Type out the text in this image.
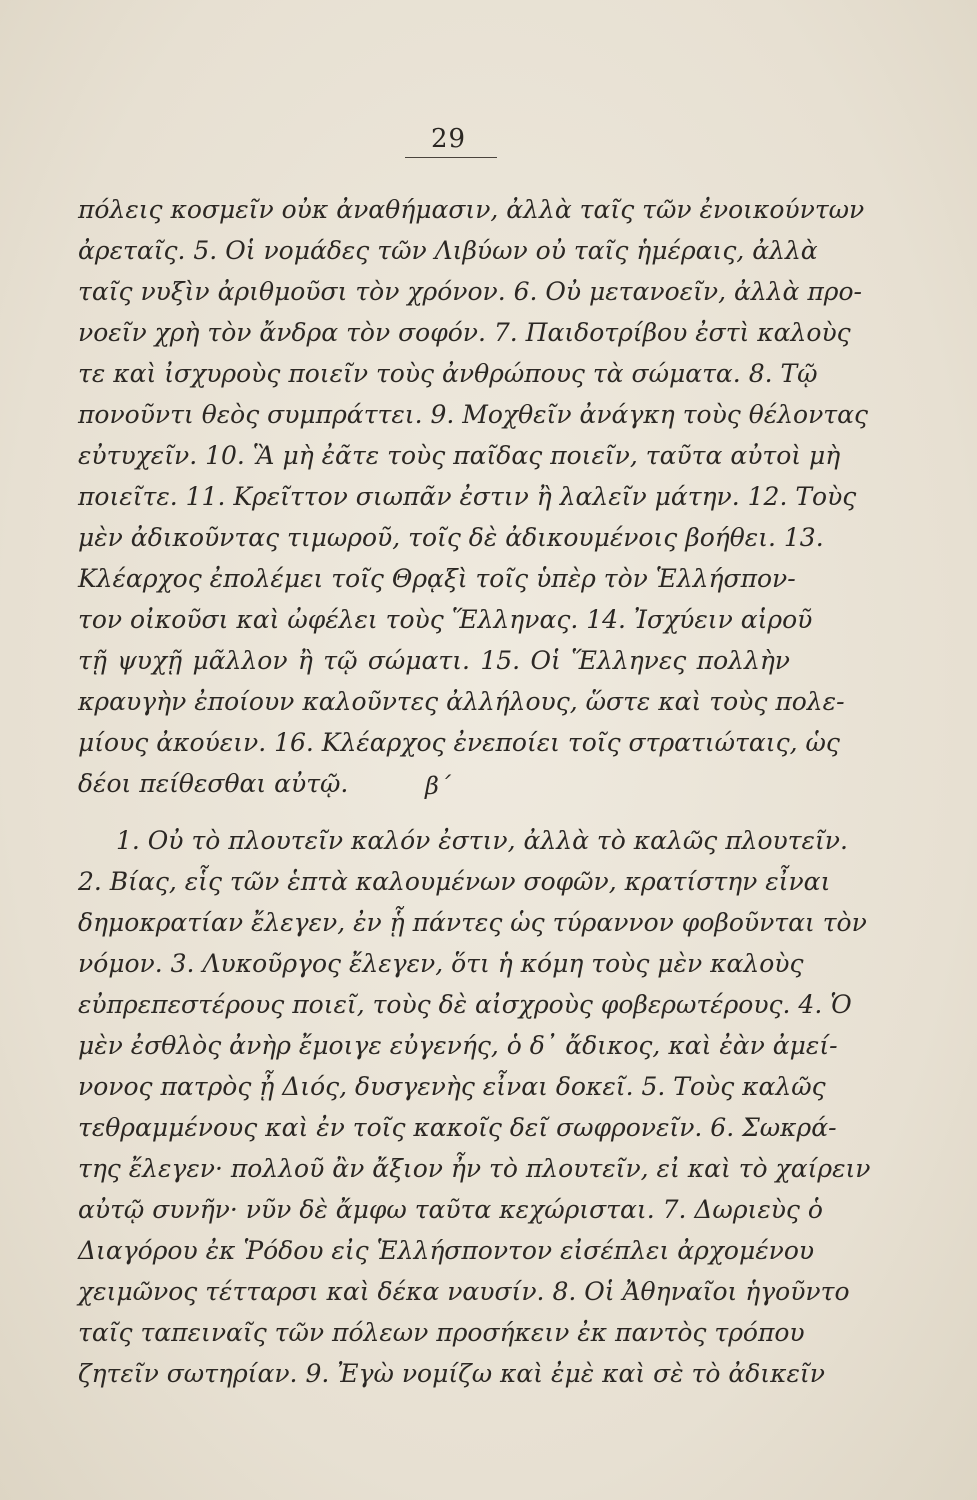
29
πόλεις κοσμεῖν οὐκ ἀναθήμασιν, ἀλλὰ ταῖς τῶν ἐνοικούντων
ἀρεταῖς. 5. Οἱ νομάδες τῶν Λιβύων οὐ ταῖς ἡμέραις, ἀλλὰ
ταῖς νυξὶν ἀριθμοῦσι τὸν χρόνον. 6. Οὐ μετανοεῖν, ἀλλὰ προ-
νοεῖν χρὴ τὸν ἄνδρα τὸν σοφόν. 7. Παιδοτρίβου ἐστὶ καλοὺς
τε καὶ ἰσχυροὺς ποιεῖν τοὺς ἀνθρώπους τὰ σώματα. 8. Τῷ
πονοῦντι θεὸς συμπράττει. 9. Μοχθεῖν ἀνάγκη τοὺς θέλοντας
εὐτυχεῖν. 10. Ἃ μὴ ἐᾶτε τοὺς παῖδας ποιεῖν, ταῦτα αὐτοὶ μὴ
ποιεῖτε. 11. Κρεῖττον σιωπᾶν ἐστιν ἢ λαλεῖν μάτην. 12. Τοὺς
μὲν ἀδικοῦντας τιμωροῦ, τοῖς δὲ ἀδικουμένοις βοήθει. 13.
Κλέαρχος ἐπολέμει τοῖς Θρᾳξὶ τοῖς ὑπὲρ τὸν Ἑλλήσπον-
τον οἰκοῦσι καὶ ὠφέλει τοὺς Ἕλληνας. 14. Ἰσχύειν αἱροῦ
τῇ ψυχῇ μᾶλλον ἢ τῷ σώματι. 15. Οἱ Ἕλληνες πολλὴν
κραυγὴν ἐποίουν καλοῦντες ἀλλήλους, ὥστε καὶ τοὺς πολε-
μίους ἀκούειν. 16. Κλέαρχος ἐνεποίει τοῖς στρατιώταις, ὡς
δέοι πείθεσθαι αὐτῷ.	β΄
1. Οὐ τὸ πλουτεῖν καλόν ἐστιν, ἀλλὰ τὸ καλῶς πλουτεῖν.
2. Βίας, εἷς τῶν ἑπτὰ καλουμένων σοφῶν, κρατίστην εἶναι
δημοκρατίαν ἔλεγεν, ἐν ᾗ πάντες ὡς τύραννον φοβοῦνται τὸν
νόμον. 3. Λυκοῦργος ἔλεγεν, ὅτι ἡ κόμη τοὺς μὲν καλοὺς
εὐπρεπεστέρους ποιεῖ, τοὺς δὲ αἰσχροὺς φοβερωτέρους. 4. Ὁ
μὲν ἐσθλὸς ἀνὴρ ἔμοιγε εὐγενής, ὁ δ᾽ ἄδικος, καὶ ἐὰν ἀμεί-
νονος πατρὸς ᾖ Διός, δυσγενὴς εἶναι δοκεῖ. 5. Τοὺς καλῶς
τεθραμμένους καὶ ἐν τοῖς κακοῖς δεῖ σωφρονεῖν. 6. Σωκρά-
της ἔλεγεν· πολλοῦ ἂν ἄξιον ἦν τὸ πλουτεῖν, εἰ καὶ τὸ χαίρειν
αὐτῷ συνῆν· νῦν δὲ ἄμφω ταῦτα κεχώρισται. 7. Δωριεὺς ὁ
Διαγόρου ἐκ Ῥόδου εἰς Ἑλλήσποντον εἰσέπλει ἀρχομένου
χειμῶνος τέτταρσι καὶ δέκα ναυσίν. 8. Οἱ Ἀθηναῖοι ἡγοῦντο
ταῖς ταπειναῖς τῶν πόλεων προσήκειν ἐκ παντὸς τρόπου
ζητεῖν σωτηρίαν. 9. Ἐγὼ νομίζω καὶ ἐμὲ καὶ σὲ τὸ ἀδικεῖν
